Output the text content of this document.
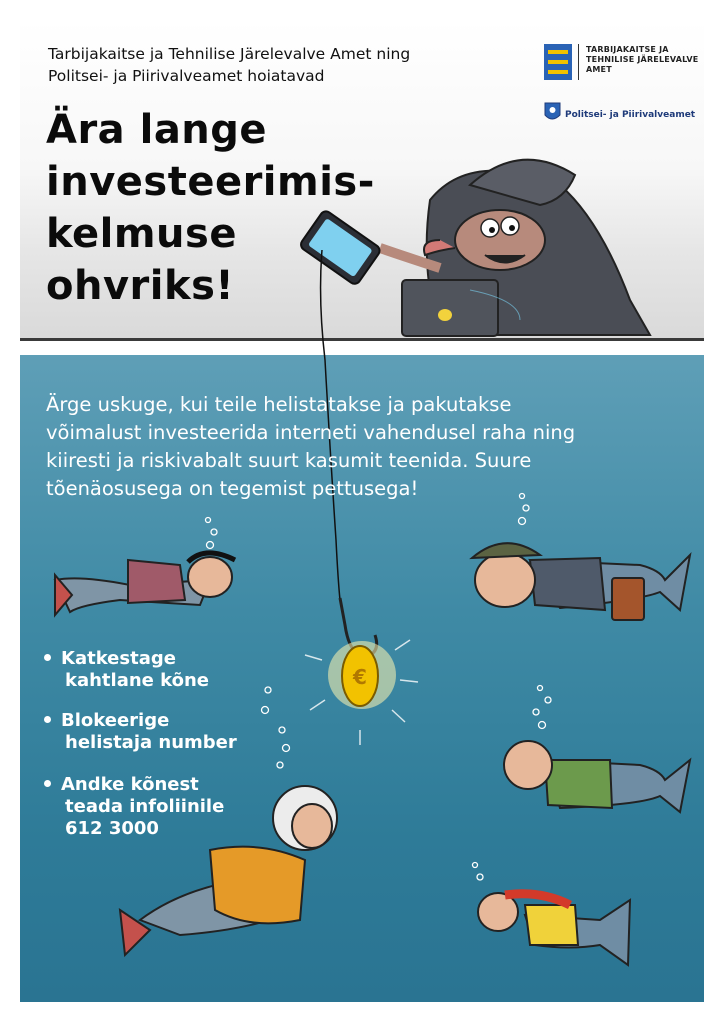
€
TARBIJAKAITSE JA
TEHNILISE JÄRELEVALVE
AMET
Politsei- ja Piirivalveamet
Tarbijakaitse ja Tehnilise Järelevalve Amet ning
Politsei- ja Piirivalveamet hoiatavad
Ära lange
investeerimis-
kelmuse
ohvriks!
Ärge uskuge, kui teile helistatakse ja pakutakse
võimalust investeerida interneti vahendusel raha ning
kiiresti ja riskivabalt suurt kasumit teenida. Suure
tõenäosusega on tegemist pettusega!
Katkestage
kahtlane kõne
Blokeerige
helistaja number
Andke kõnest
teada infoliinile
612 3000
